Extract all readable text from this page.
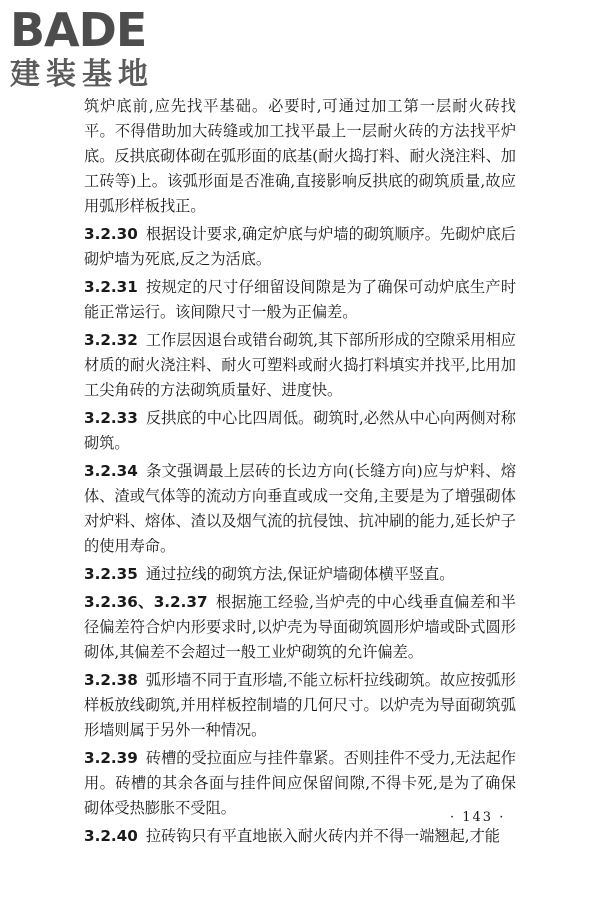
BADE
建装基地

筑炉底前,应先找平基础。必要时,可通过加工第一层耐火砖找平。不得借助加大砖缝或加工找平最上一层耐火砖的方法找平炉底。反拱底砌体砌在弧形面的底基(耐火捣打料、耐火浇注料、加工砖等)上。该弧形面是否准确,直接影响反拱底的砌筑质量,故应用弧形样板找正。

3.2.30 根据设计要求,确定炉底与炉墙的砌筑顺序。先砌炉底后砌炉墙为死底,反之为活底。

3.2.31 按规定的尺寸仔细留设间隙是为了确保可动炉底生产时能正常运行。该间隙尺寸一般为正偏差。

3.2.32 工作层因退台或错台砌筑,其下部所形成的空隙采用相应材质的耐火浇注料、耐火可塑料或耐火捣打料填实并找平,比用加工尖角砖的方法砌筑质量好、进度快。

3.2.33 反拱底的中心比四周低。砌筑时,必然从中心向两侧对称砌筑。

3.2.34 条文强调最上层砖的长边方向(长缝方向)应与炉料、熔体、渣或气体等的流动方向垂直或成一交角,主要是为了增强砌体对炉料、熔体、渣以及烟气流的抗侵蚀、抗冲刷的能力,延长炉子的使用寿命。

3.2.35 通过拉线的砌筑方法,保证炉墙砌体横平竖直。

3.2.36、3.2.37 根据施工经验,当炉壳的中心线垂直偏差和半径偏差符合炉内形要求时,以炉壳为导面砌筑圆形炉墙或卧式圆形砌体,其偏差不会超过一般工业炉砌筑的允许偏差。

3.2.38 弧形墙不同于直形墙,不能立标杆拉线砌筑。故应按弧形样板放线砌筑,并用样板控制墙的几何尺寸。以炉壳为导面砌筑弧形墙则属于另外一种情况。

3.2.39 砖槽的受拉面应与挂件靠紧。否则挂件不受力,无法起作用。砖槽的其余各面与挂件间应保留间隙,不得卡死,是为了确保砌体受热膨胀不受阻。

3.2.40 拉砖钩只有平直地嵌入耐火砖内并不得一端翘起,才能

· 143 ·
